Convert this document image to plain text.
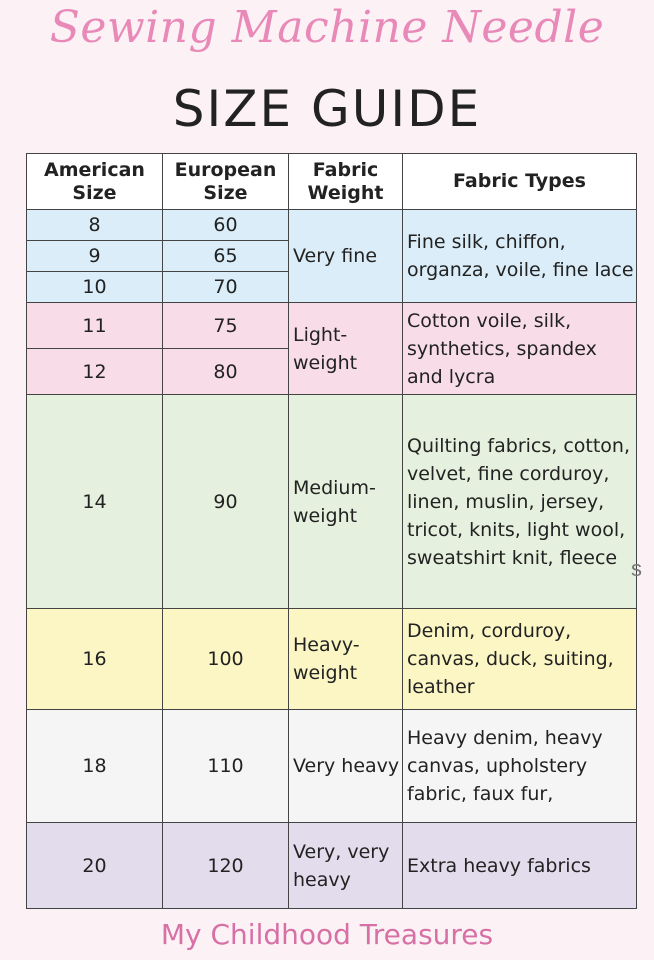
Sewing Machine Needle
SIZE GUIDE
American Size	European Size	Fabric Weight	Fabric Types
8	60	Very fine	Fine silk, chiffon, organza, voile, fine lace
9	65		
10	70		
11	75	Light-weight	Cotton voile, silk, synthetics, spandex and lycra
12	80		
14	90	Medium-weight	Quilting fabrics, cotton, velvet, fine corduroy, linen, muslin, jersey, tricot, knits, light wool, sweatshirt knit, fleece
16	100	Heavy-weight	Denim, corduroy, canvas, duck, suiting, leather
18	110	Very heavy	Heavy denim, heavy canvas, upholstery fabric, faux fur,
20	120	Very, very heavy	Extra heavy fabrics
s
My Childhood Treasures
